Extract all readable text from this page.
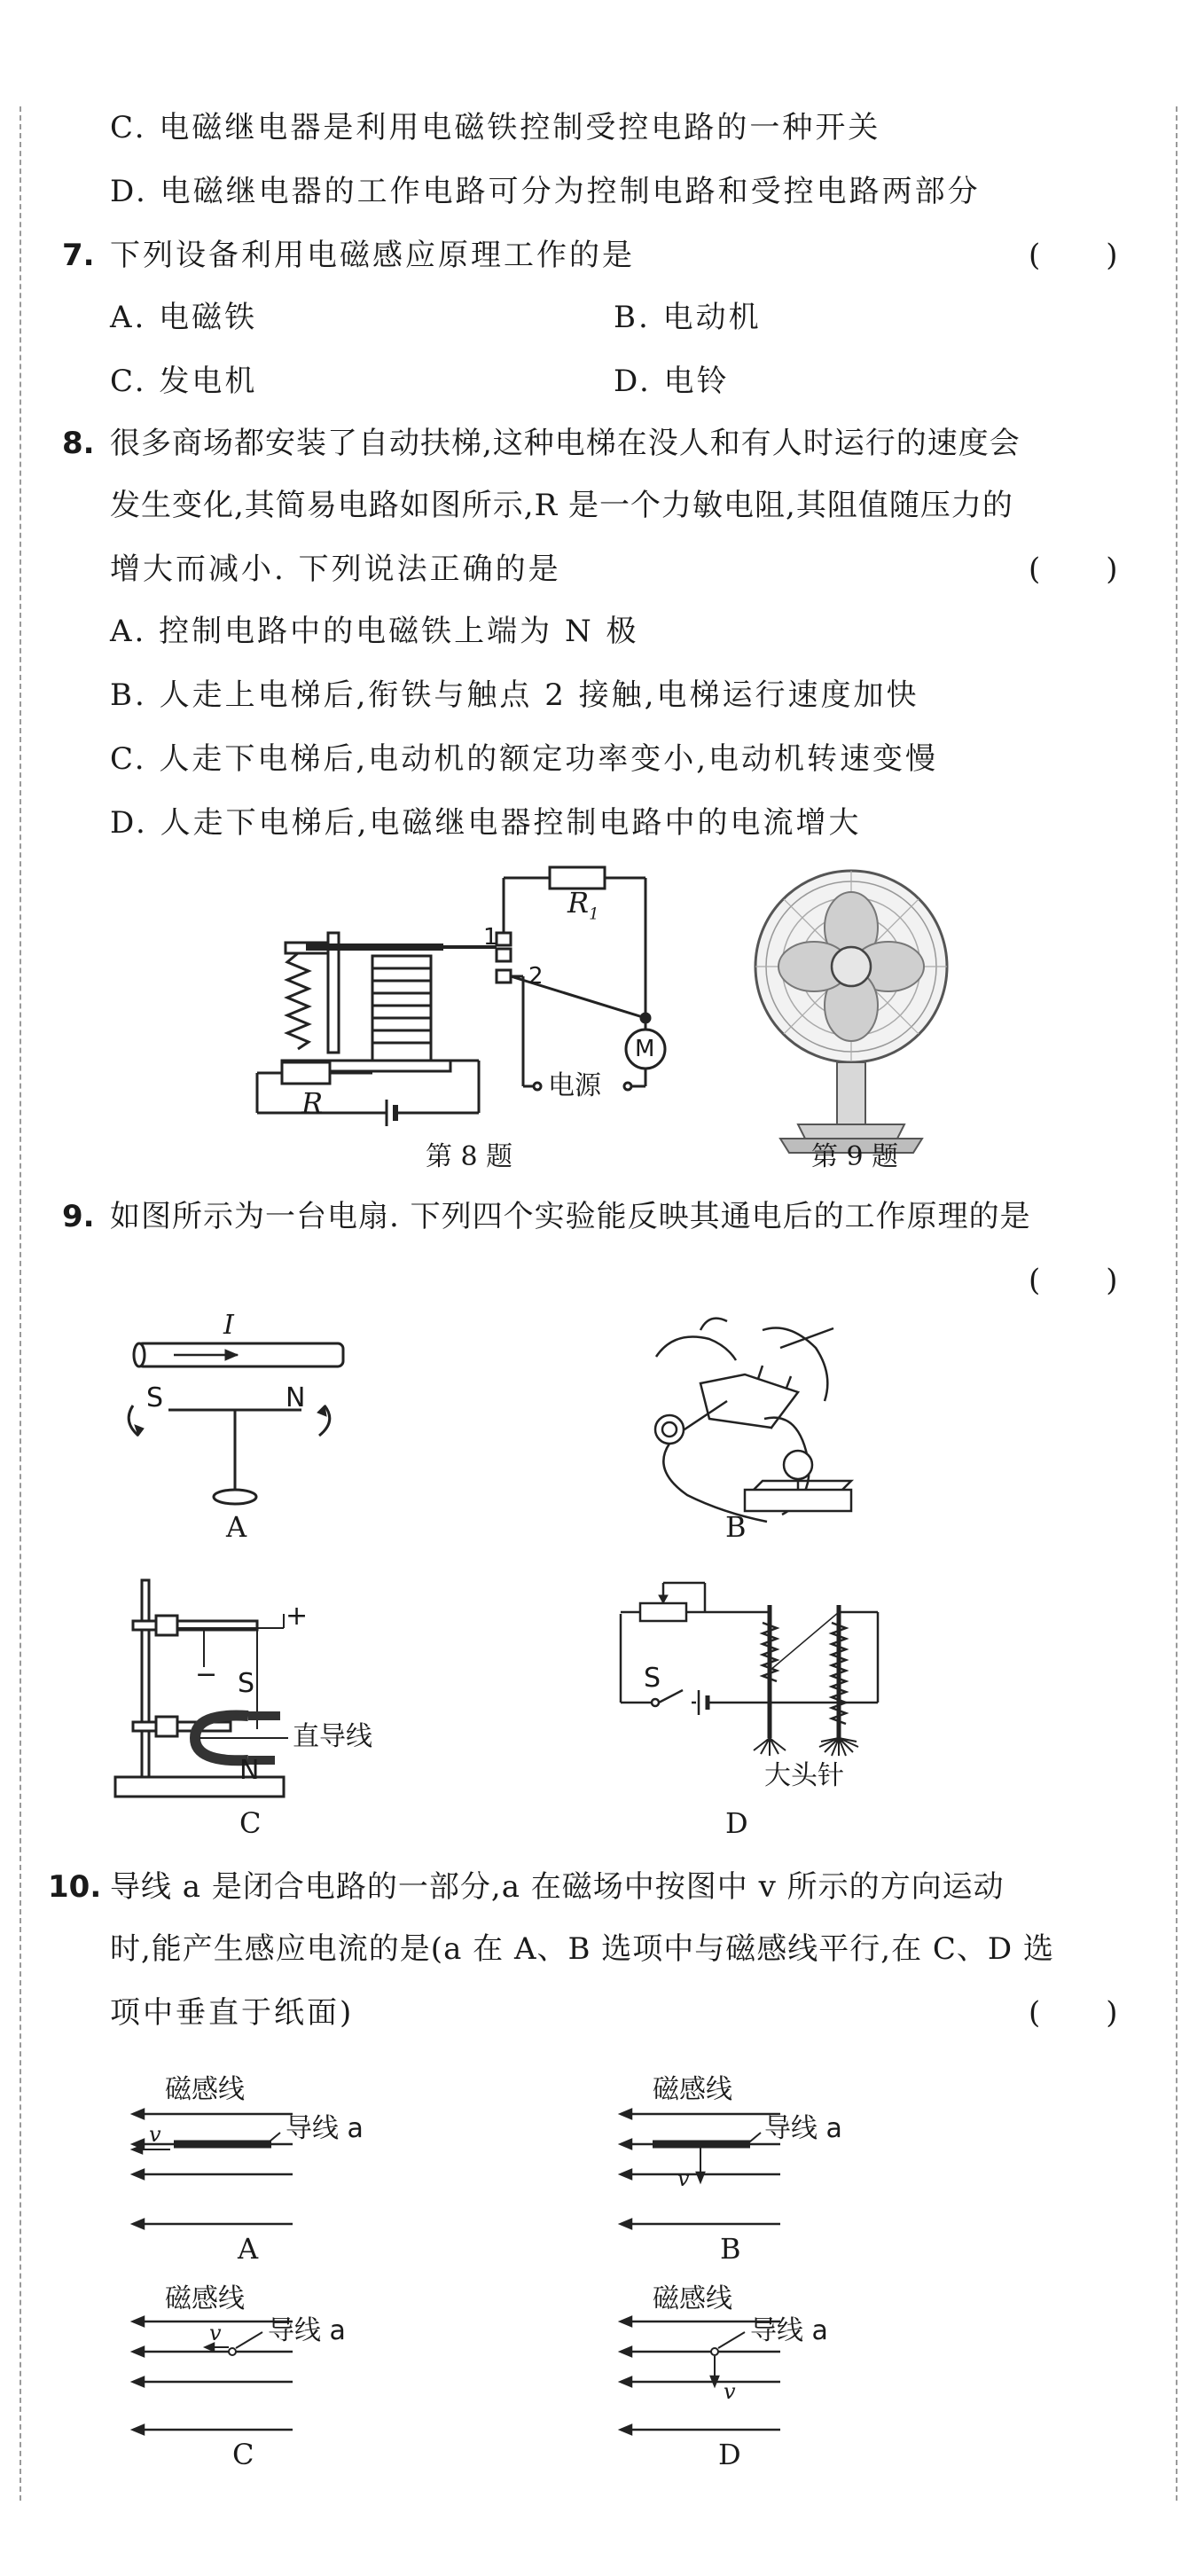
C. 电磁继电器是利用电磁铁控制受控电路的一种开关
D. 电磁继电器的工作电路可分为控制电路和受控电路两部分
7. 下列设备利用电磁感应原理工作的是	(　　)
A. 电磁铁	B. 电动机
C. 发电机	D. 电铃
8. 很多商场都安装了自动扶梯,这种电梯在没人和有人时运行的速度会
发生变化,其简易电路如图所示,R 是一个力敏电阻,其阻值随压力的
增大而减小. 下列说法正确的是	(　　)
A. 控制电路中的电磁铁上端为 N 极
B. 人走上电梯后,衔铁与触点 2 接触,电梯运行速度加快
C. 人走下电梯后,电动机的额定功率变小,电动机转速变慢
D. 人走下电梯后,电磁继电器控制电路中的电流增大
$R_1$
1
2
M
电源
R
第 8 题	第 9 题
9. 如图所示为一台电扇. 下列四个实验能反映其通电后的工作原理的是
(　　)
I
S	N
A	B
+
− S
N
直导线
C
S
大头针
D
10. 导线 a 是闭合电路的一部分,a 在磁场中按图中 v 所示的方向运动
时,能产生感应电流的是(a 在 A、B 选项中与磁感线平行,在 C、D 选
项中垂直于纸面)	(　　)
磁感线
v	导线 a
A
磁感线
v
导线 a
B
磁感线
v 导线 a
C
磁感线
v
导线 a
D
